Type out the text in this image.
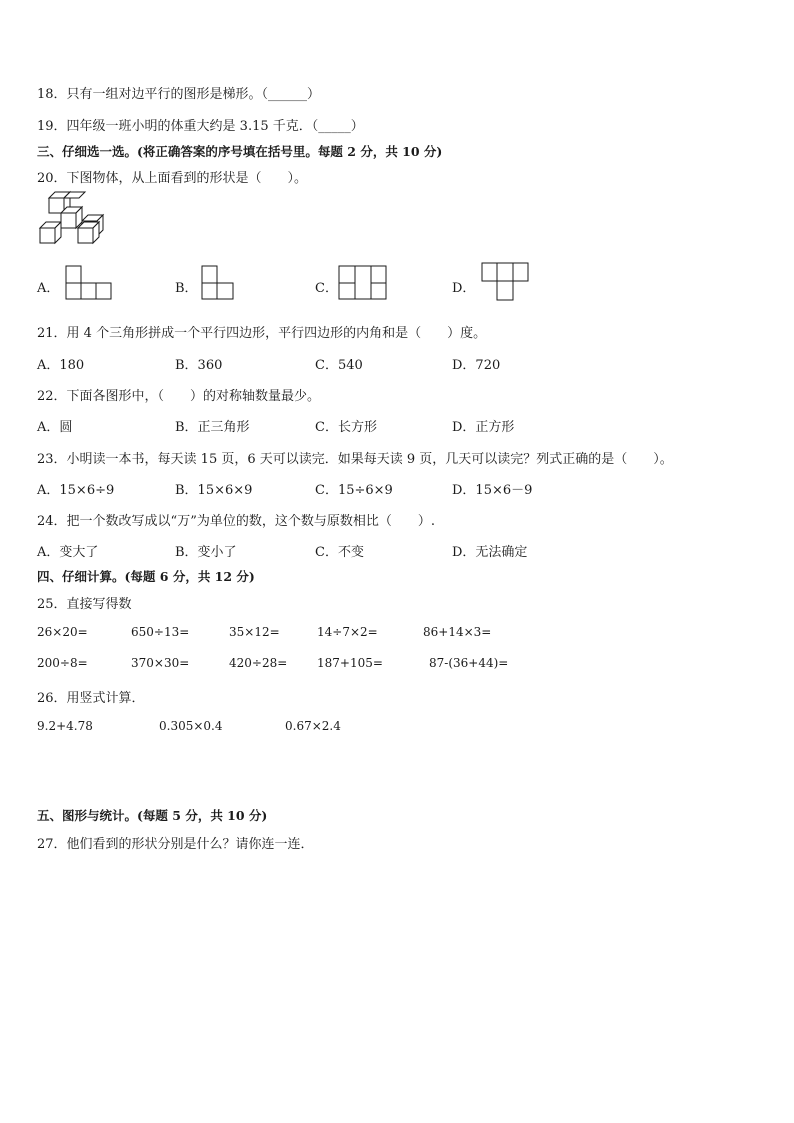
18．只有一组对边平行的图形是梯形。（______）
19．四年级一班小明的体重大约是 3.15 千克．（_____）
三、仔细选一选。(将正确答案的序号填在括号里。每题 2 分，共 10 分)
20．下图物体，从上面看到的形状是（　　）。
A．	B．	C．	D．
21．用 4 个三角形拼成一个平行四边形，平行四边形的内角和是（　　）度。
A．180	B．360	C．540	D．720
22．下面各图形中，（　　）的对称轴数量最少。
A．圆	B．正三角形	C．长方形	D．正方形
23．小明读一本书，每天读 15 页，6 天可以读完．如果每天读 9 页，几天可以读完？列式正确的是（　　）。
A．15×6÷9	B．15×6×9	C．15÷6×9	D．15×6－9
24．把一个数改写成以“万”为单位的数，这个数与原数相比（　　）.
A．变大了	B．变小了	C．不变	D．无法确定
四、仔细计算。(每题 6 分，共 12 分)
25．直接写得数
26×20=	650÷13=	35×12=	14÷7×2=	86+14×3=
200÷8=	370×30=	420÷28= 187+105=	87-(36+44)=
26．用竖式计算．
9.2+4.78	0.305×0.4	0.67×2.4
五、图形与统计。(每题 5 分，共 10 分)
27．他们看到的形状分别是什么？请你连一连．
